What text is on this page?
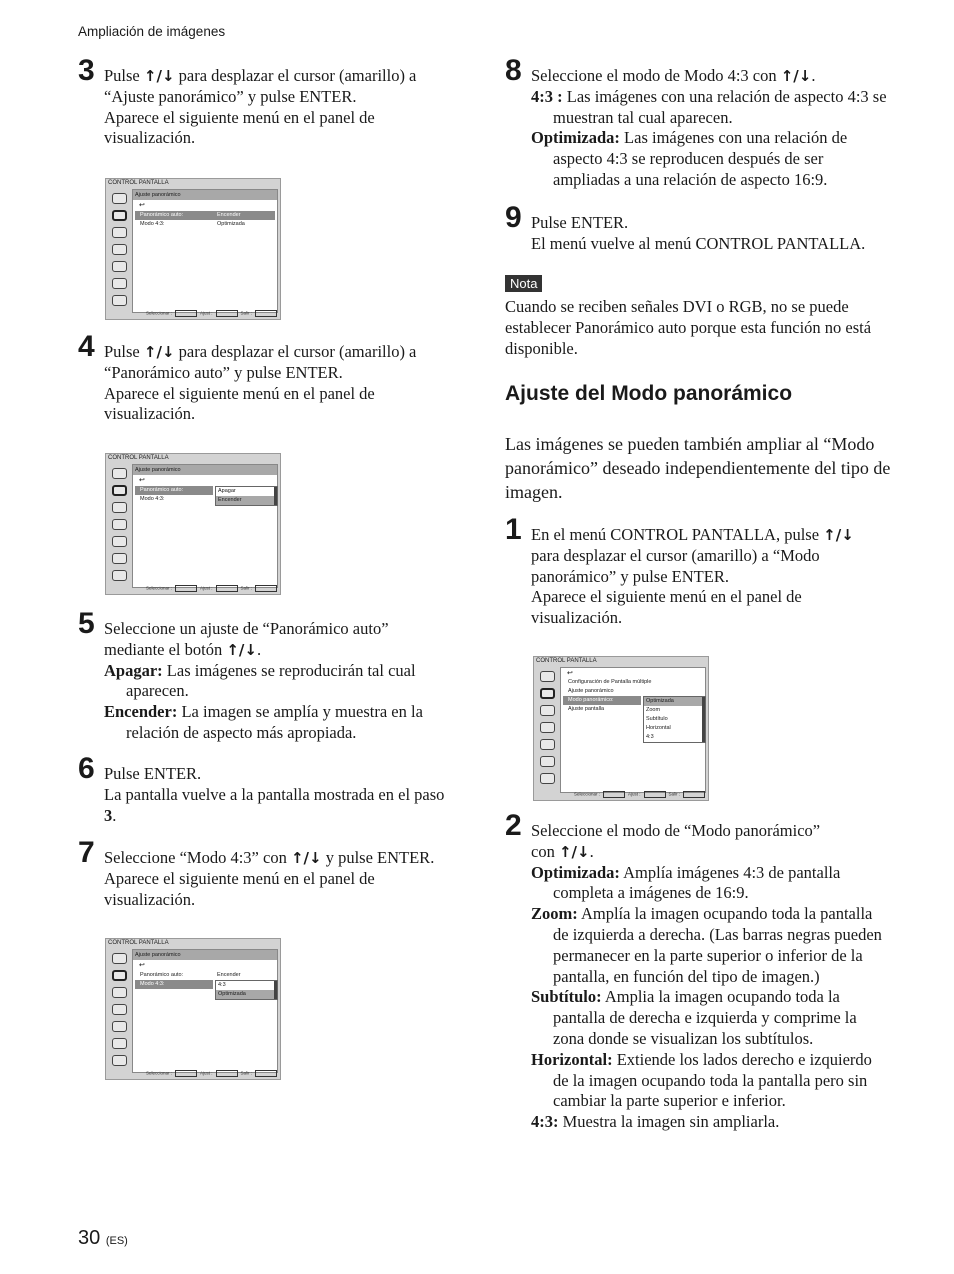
Ampliación de imágenes
3 Pulse ↑/↓ para desplazar el cursor (amarillo) a

“Ajuste panorámico” y pulse ENTER.

Aparece el siguiente menú en el panel de

visualización.

CONTROL PANTALLA
Ajuste panorámico
↩
Panorámico auto:	Encender
Modo 4:3:	Optimizada
Seleccionar :	Ajust :	Salir :
4 Pulse ↑/↓ para desplazar el cursor (amarillo) a

“Panorámico auto” y pulse ENTER.

Aparece el siguiente menú en el panel de

visualización.

CONTROL PANTALLA
Ajuste panorámico
↩
Panorámico auto:
Modo 4:3:
Apagar
Encender
Seleccionar :	Ajust :	Salir :
5 Seleccione un ajuste de “Panorámico auto”

mediante el botón ↑/↓.

Apagar: Las imágenes se reproducirán tal cual aparecen.

Encender: La imagen se amplía y muestra en la relación de aspecto más apropiada.

6 Pulse ENTER.

La pantalla vuelve a la pantalla mostrada en el paso 3.

7 Seleccione “Modo 4:3” con ↑/↓ y pulse ENTER.

Aparece el siguiente menú en el panel de

visualización.

CONTROL PANTALLA
Ajuste panorámico
↩
Panorámico auto:	Encender
Modo 4:3:	4:3
Optimizada
Seleccionar :	Ajust :	Salir :
8 Seleccione el modo de Modo 4:3 con ↑/↓.

4:3 : Las imágenes con una relación de aspecto 4:3 se muestran tal cual aparecen.

Optimizada: Las imágenes con una relación de aspecto 4:3 se reproducen después de ser ampliadas a una relación de aspecto 16:9.

9 Pulse ENTER.

El menú vuelve al menú CONTROL PANTALLA.

Nota

Cuando se reciben señales DVI o RGB, no se puede establecer Panorámico auto porque esta función no está disponible.

Ajuste del Modo panorámico

Las imágenes se pueden también ampliar al “Modo panorámico” deseado independientemente del tipo de imagen.

1 En el menú CONTROL PANTALLA, pulse ↑/↓

para desplazar el cursor (amarillo) a “Modo panorámico” y pulse ENTER.

Aparece el siguiente menú en el panel de visualización.

CONTROL PANTALLA
↩
Configuración de Pantalla múltiple
Ajuste panorámico
Modo panorámico:
Ajuste pantalla
Optimizada
Zoom
Subtítulo
Horizontal
4:3
Seleccionar :	Ajust :	Salir :
2 Seleccione el modo de “Modo panorámico”

con ↑/↓.

Optimizada: Amplía imágenes 4:3 de pantalla completa a imágenes de 16:9.

Zoom: Amplía la imagen ocupando toda la pantalla de izquierda a derecha. (Las barras negras pueden permanecer en la parte superior o inferior de la pantalla, en función del tipo de imagen.)

Subtítulo: Amplia la imagen ocupando toda la pantalla de derecha e izquierda y comprime la zona donde se visualizan los subtítulos.

Horizontal: Extiende los lados derecho e izquierdo de la imagen ocupando toda la pantalla pero sin cambiar la parte superior e inferior.

4:3: Muestra la imagen sin ampliarla.

30 (ES)
